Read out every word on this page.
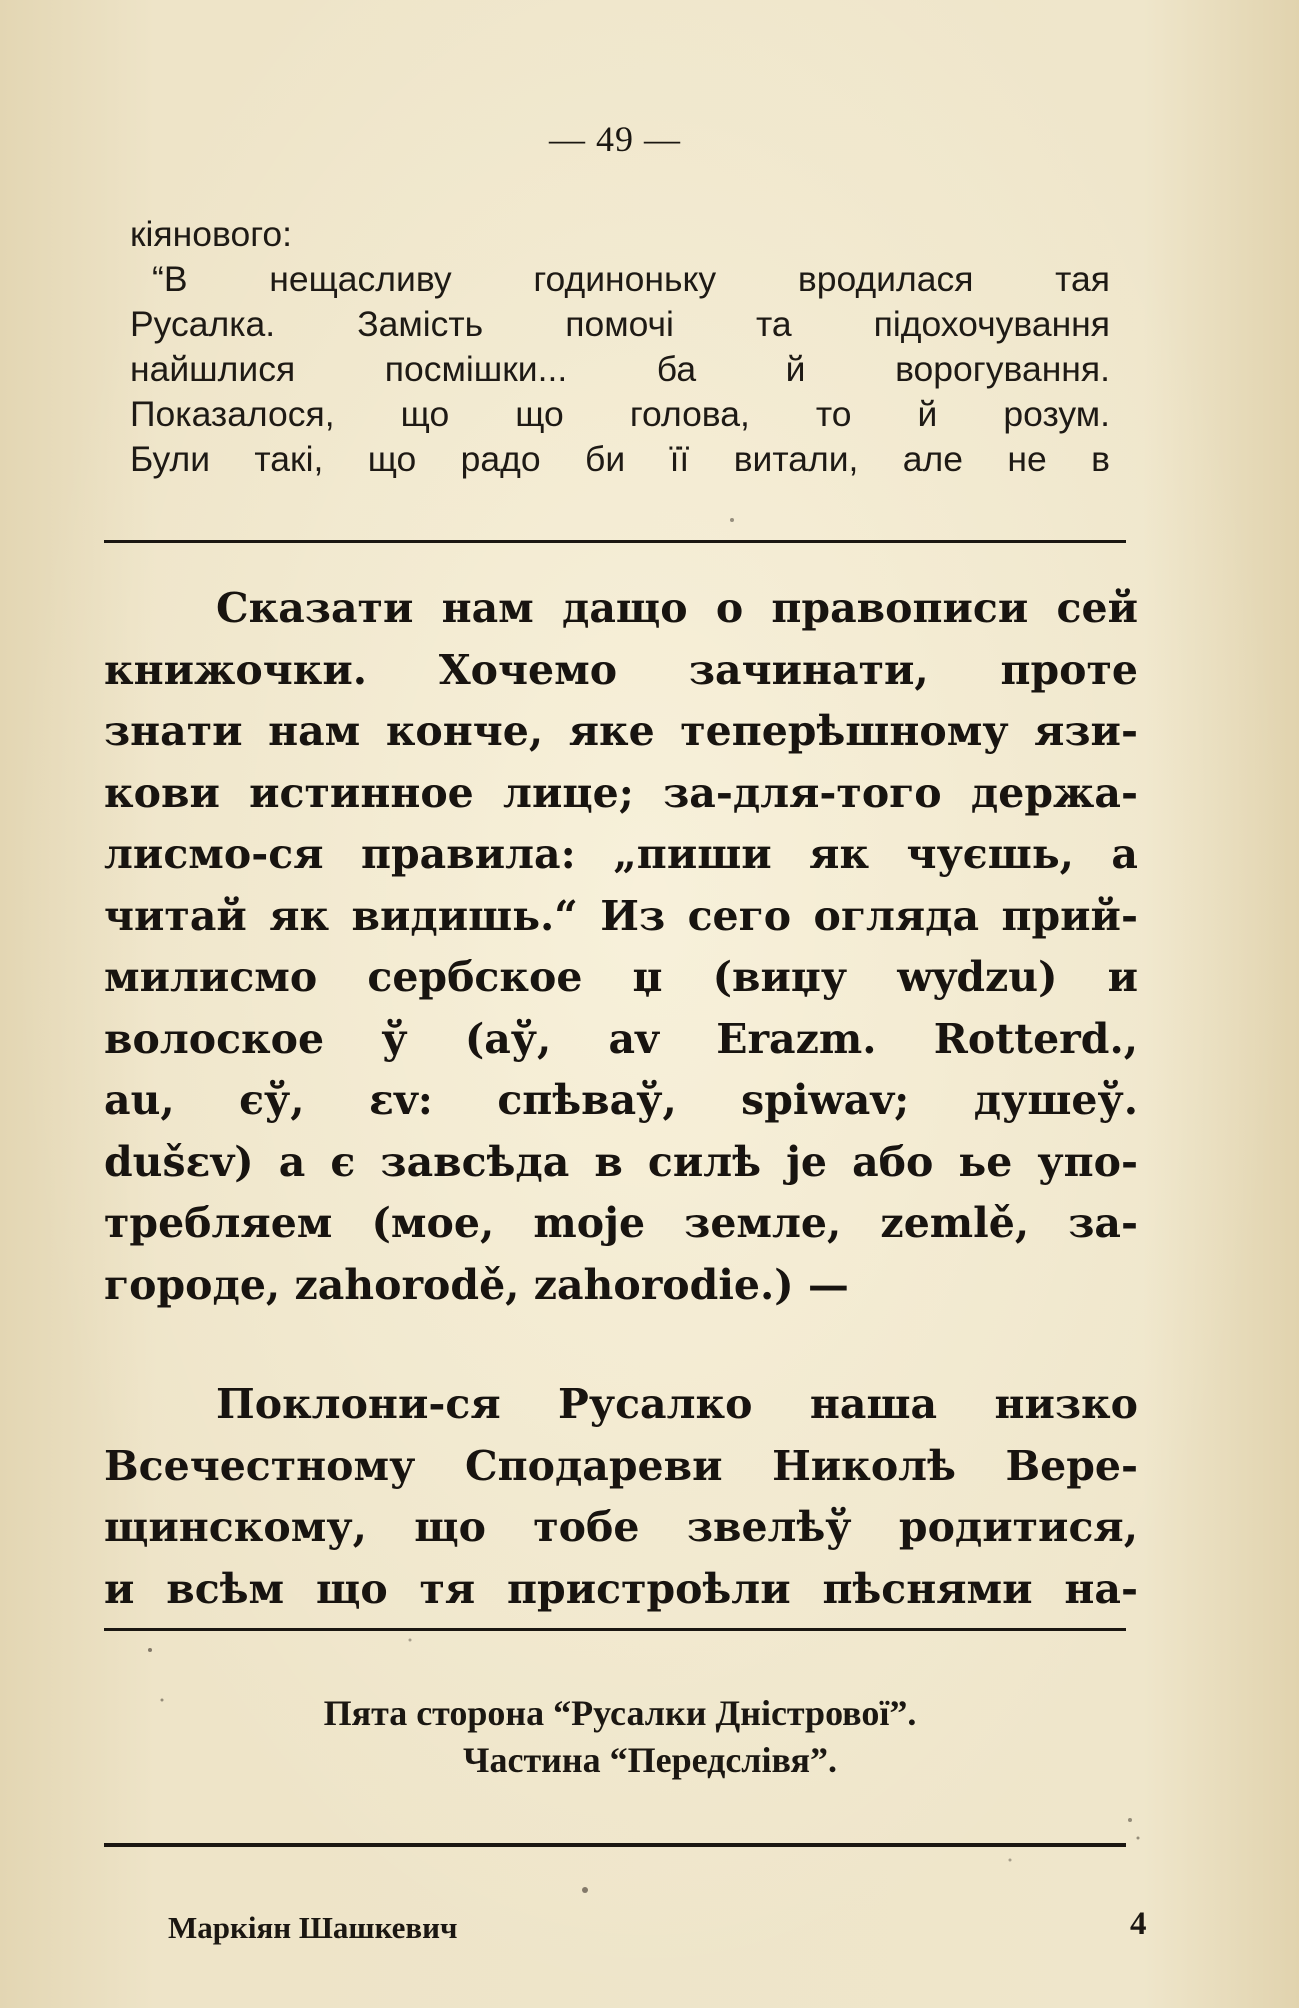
— 49 —
кіянового:
“В нещасливу годиноньку вродилася тая
Русалка. Замість помочі та підохочування
найшлися посмішки... ба й ворогування.
Показалося, що що голова, то й розум.
Були такі, що радо би її витали, але не в
Сказати нам дащо о правописи сей
книжочки. Хочемо зачинати, проте
знати нам конче, яке теперѣшному язи-
кови истинное лице; за-для-того держа-
лисмо-ся правила: „пиши як чуєшь, а
читай як видишь.“ Из сего огляда прий-
милисмо сербское џ (виџу wydzu) и
волоское ў (аў, av Erazm. Rotterd.,
au, єў, εv: спѣваў, spiwav; душеў.
dušεv) а є завсѣда в силѣ je або ье упо-
требляем (мое, moje земле, zemlě, за-
городе, zahorodě, zahorodie.) —
Поклони-ся Русалко наша низко
Всечестному Сподареви Николѣ Вере-
щинскому, що тобе звелѣў родитися,
и всѣм що тя пристроѣли пѣснями на-
Пята сторона “Русалки Дністрової”.
Частина “Передслівя”.
Маркіян Шашкевич	4
